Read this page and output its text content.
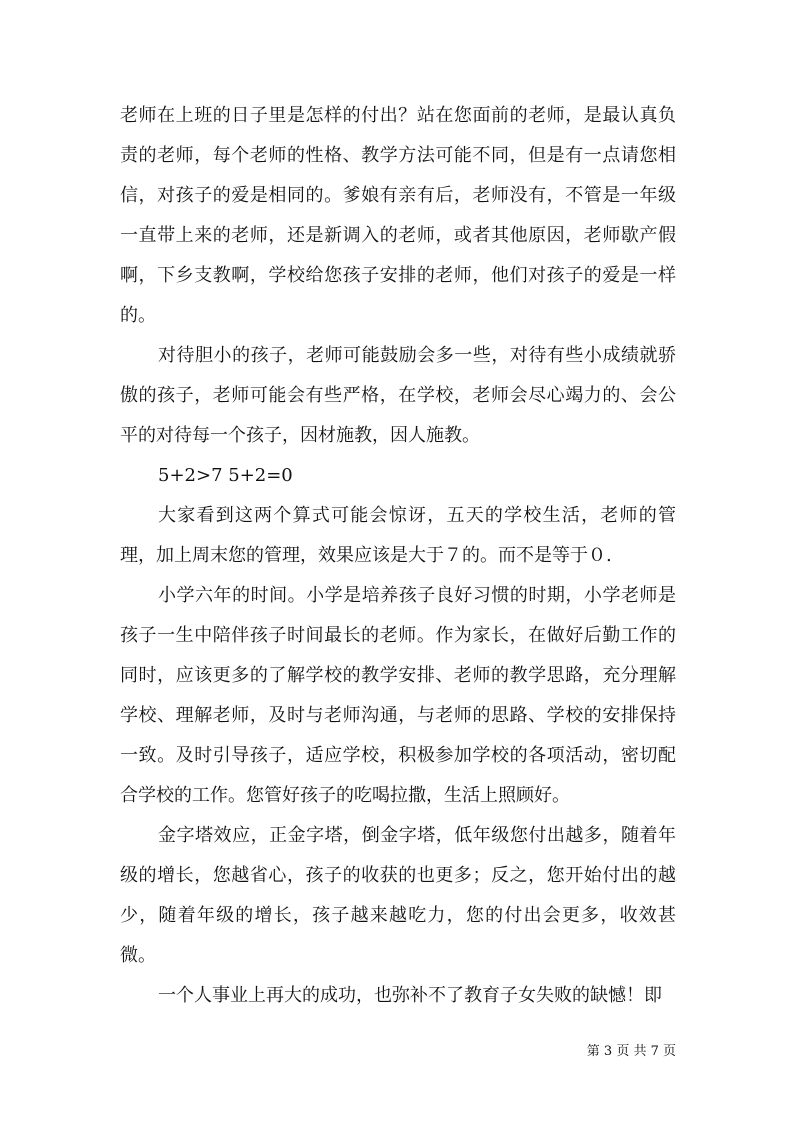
老师在上班的日子里是怎样的付出？站在您面前的老师，是最认真负责的老师，每个老师的性格、教学方法可能不同，但是有一点请您相信，对孩子的爱是相同的。爹娘有亲有后，老师没有，不管是一年级一直带上来的老师，还是新调入的老师，或者其他原因，老师歇产假啊，下乡支教啊，学校给您孩子安排的老师，他们对孩子的爱是一样的。

对待胆小的孩子，老师可能鼓励会多一些，对待有些小成绩就骄傲的孩子，老师可能会有些严格，在学校，老师会尽心竭力的、会公平的对待每一个孩子，因材施教，因人施教。

5+2>7 5+2=0

大家看到这两个算式可能会惊讶，五天的学校生活，老师的管理，加上周末您的管理，效果应该是大于７的。而不是等于０.

小学六年的时间。小学是培养孩子良好习惯的时期，小学老师是孩子一生中陪伴孩子时间最长的老师。作为家长，在做好后勤工作的同时，应该更多的了解学校的教学安排、老师的教学思路，充分理解学校、理解老师，及时与老师沟通，与老师的思路、学校的安排保持一致。及时引导孩子，适应学校，积极参加学校的各项活动，密切配合学校的工作。您管好孩子的吃喝拉撒，生活上照顾好。

金字塔效应，正金字塔，倒金字塔，低年级您付出越多，随着年级的增长，您越省心，孩子的收获的也更多；反之，您开始付出的越少，随着年级的增长，孩子越来越吃力，您的付出会更多，收效甚微。

一个人事业上再大的成功，也弥补不了教育子女失败的缺憾！即

第 3 页 共 7 页
